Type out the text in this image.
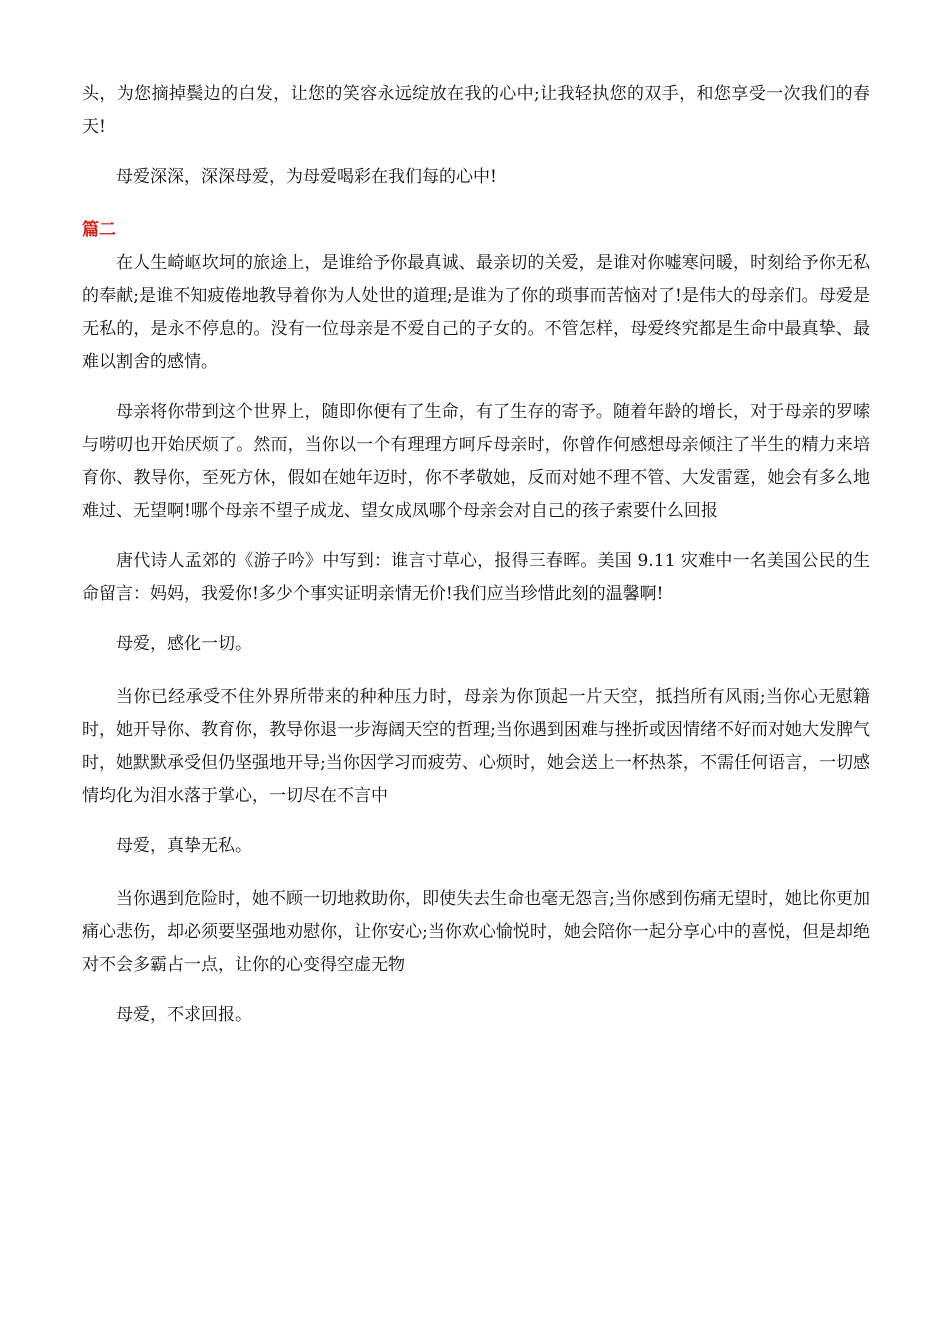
头，为您摘掉鬓边的白发，让您的笑容永远绽放在我的心中;让我轻执您的双手，和您享受一次我们的春天!

母爱深深，深深母爱，为母爱喝彩在我们每的心中!

篇二

在人生崎岖坎坷的旅途上，是谁给予你最真诚、最亲切的关爱，是谁对你嘘寒问暖，时刻给予你无私的奉献;是谁不知疲倦地教导着你为人处世的道理;是谁为了你的琐事而苦恼对了!是伟大的母亲们。母爱是无私的，是永不停息的。没有一位母亲是不爱自己的子女的。不管怎样，母爱终究都是生命中最真挚、最难以割舍的感情。

母亲将你带到这个世界上，随即你便有了生命，有了生存的寄予。随着年龄的增长，对于母亲的罗嗦与唠叨也开始厌烦了。然而，当你以一个有理理方呵斥母亲时，你曾作何感想母亲倾注了半生的精力来培育你、教导你，至死方休，假如在她年迈时，你不孝敬她，反而对她不理不管、大发雷霆，她会有多么地难过、无望啊!哪个母亲不望子成龙、望女成凤哪个母亲会对自己的孩子索要什么回报

唐代诗人孟郊的《游子吟》中写到：谁言寸草心，报得三春晖。美国 9.11 灾难中一名美国公民的生命留言：妈妈，我爱你!多少个事实证明亲情无价!我们应当珍惜此刻的温馨啊!

母爱，感化一切。

当你已经承受不住外界所带来的种种压力时，母亲为你顶起一片天空，抵挡所有风雨;当你心无慰籍时，她开导你、教育你，教导你退一步海阔天空的哲理;当你遇到困难与挫折或因情绪不好而对她大发脾气时，她默默承受但仍坚强地开导;当你因学习而疲劳、心烦时，她会送上一杯热茶，不需任何语言，一切感情均化为泪水落于掌心，一切尽在不言中

母爱，真挚无私。

当你遇到危险时，她不顾一切地救助你，即使失去生命也毫无怨言;当你感到伤痛无望时，她比你更加痛心悲伤，却必须要坚强地劝慰你，让你安心;当你欢心愉悦时，她会陪你一起分享心中的喜悦，但是却绝对不会多霸占一点，让你的心变得空虚无物

母爱，不求回报。
